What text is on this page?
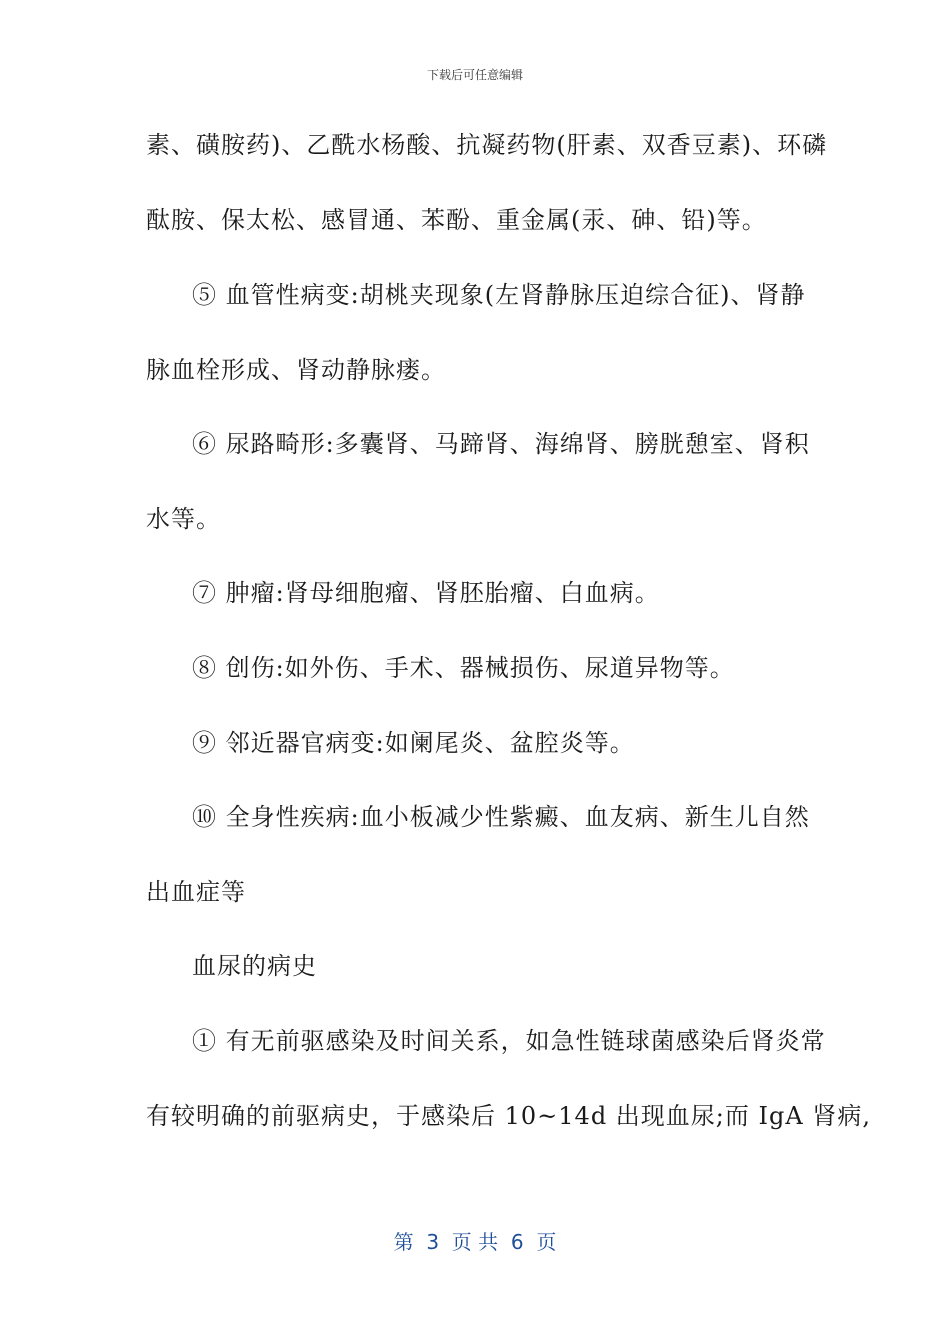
下载后可任意编辑
素、磺胺药)、乙酰水杨酸、抗凝药物(肝素、双香豆素)、环磷
酞胺、保太松、感冒通、苯酚、重金属(汞、砷、铅)等。
⑤ 血管性病变:胡桃夹现象(左肾静脉压迫综合征)、肾静
脉血栓形成、肾动静脉瘘。
⑥ 尿路畸形:多囊肾、马蹄肾、海绵肾、膀胱憩室、肾积
水等。
⑦ 肿瘤:肾母细胞瘤、肾胚胎瘤、白血病。
⑧ 创伤:如外伤、手术、器械损伤、尿道异物等。
⑨ 邻近器官病变:如阑尾炎、盆腔炎等。
⑩ 全身性疾病:血小板减少性紫癜、血友病、新生儿自然
出血症等
血尿的病史
① 有无前驱感染及时间关系，如急性链球菌感染后肾炎常
有较明确的前驱病史，于感染后 10~14d 出现血尿;而 IgA 肾病,
第  3  页 共  6  页
